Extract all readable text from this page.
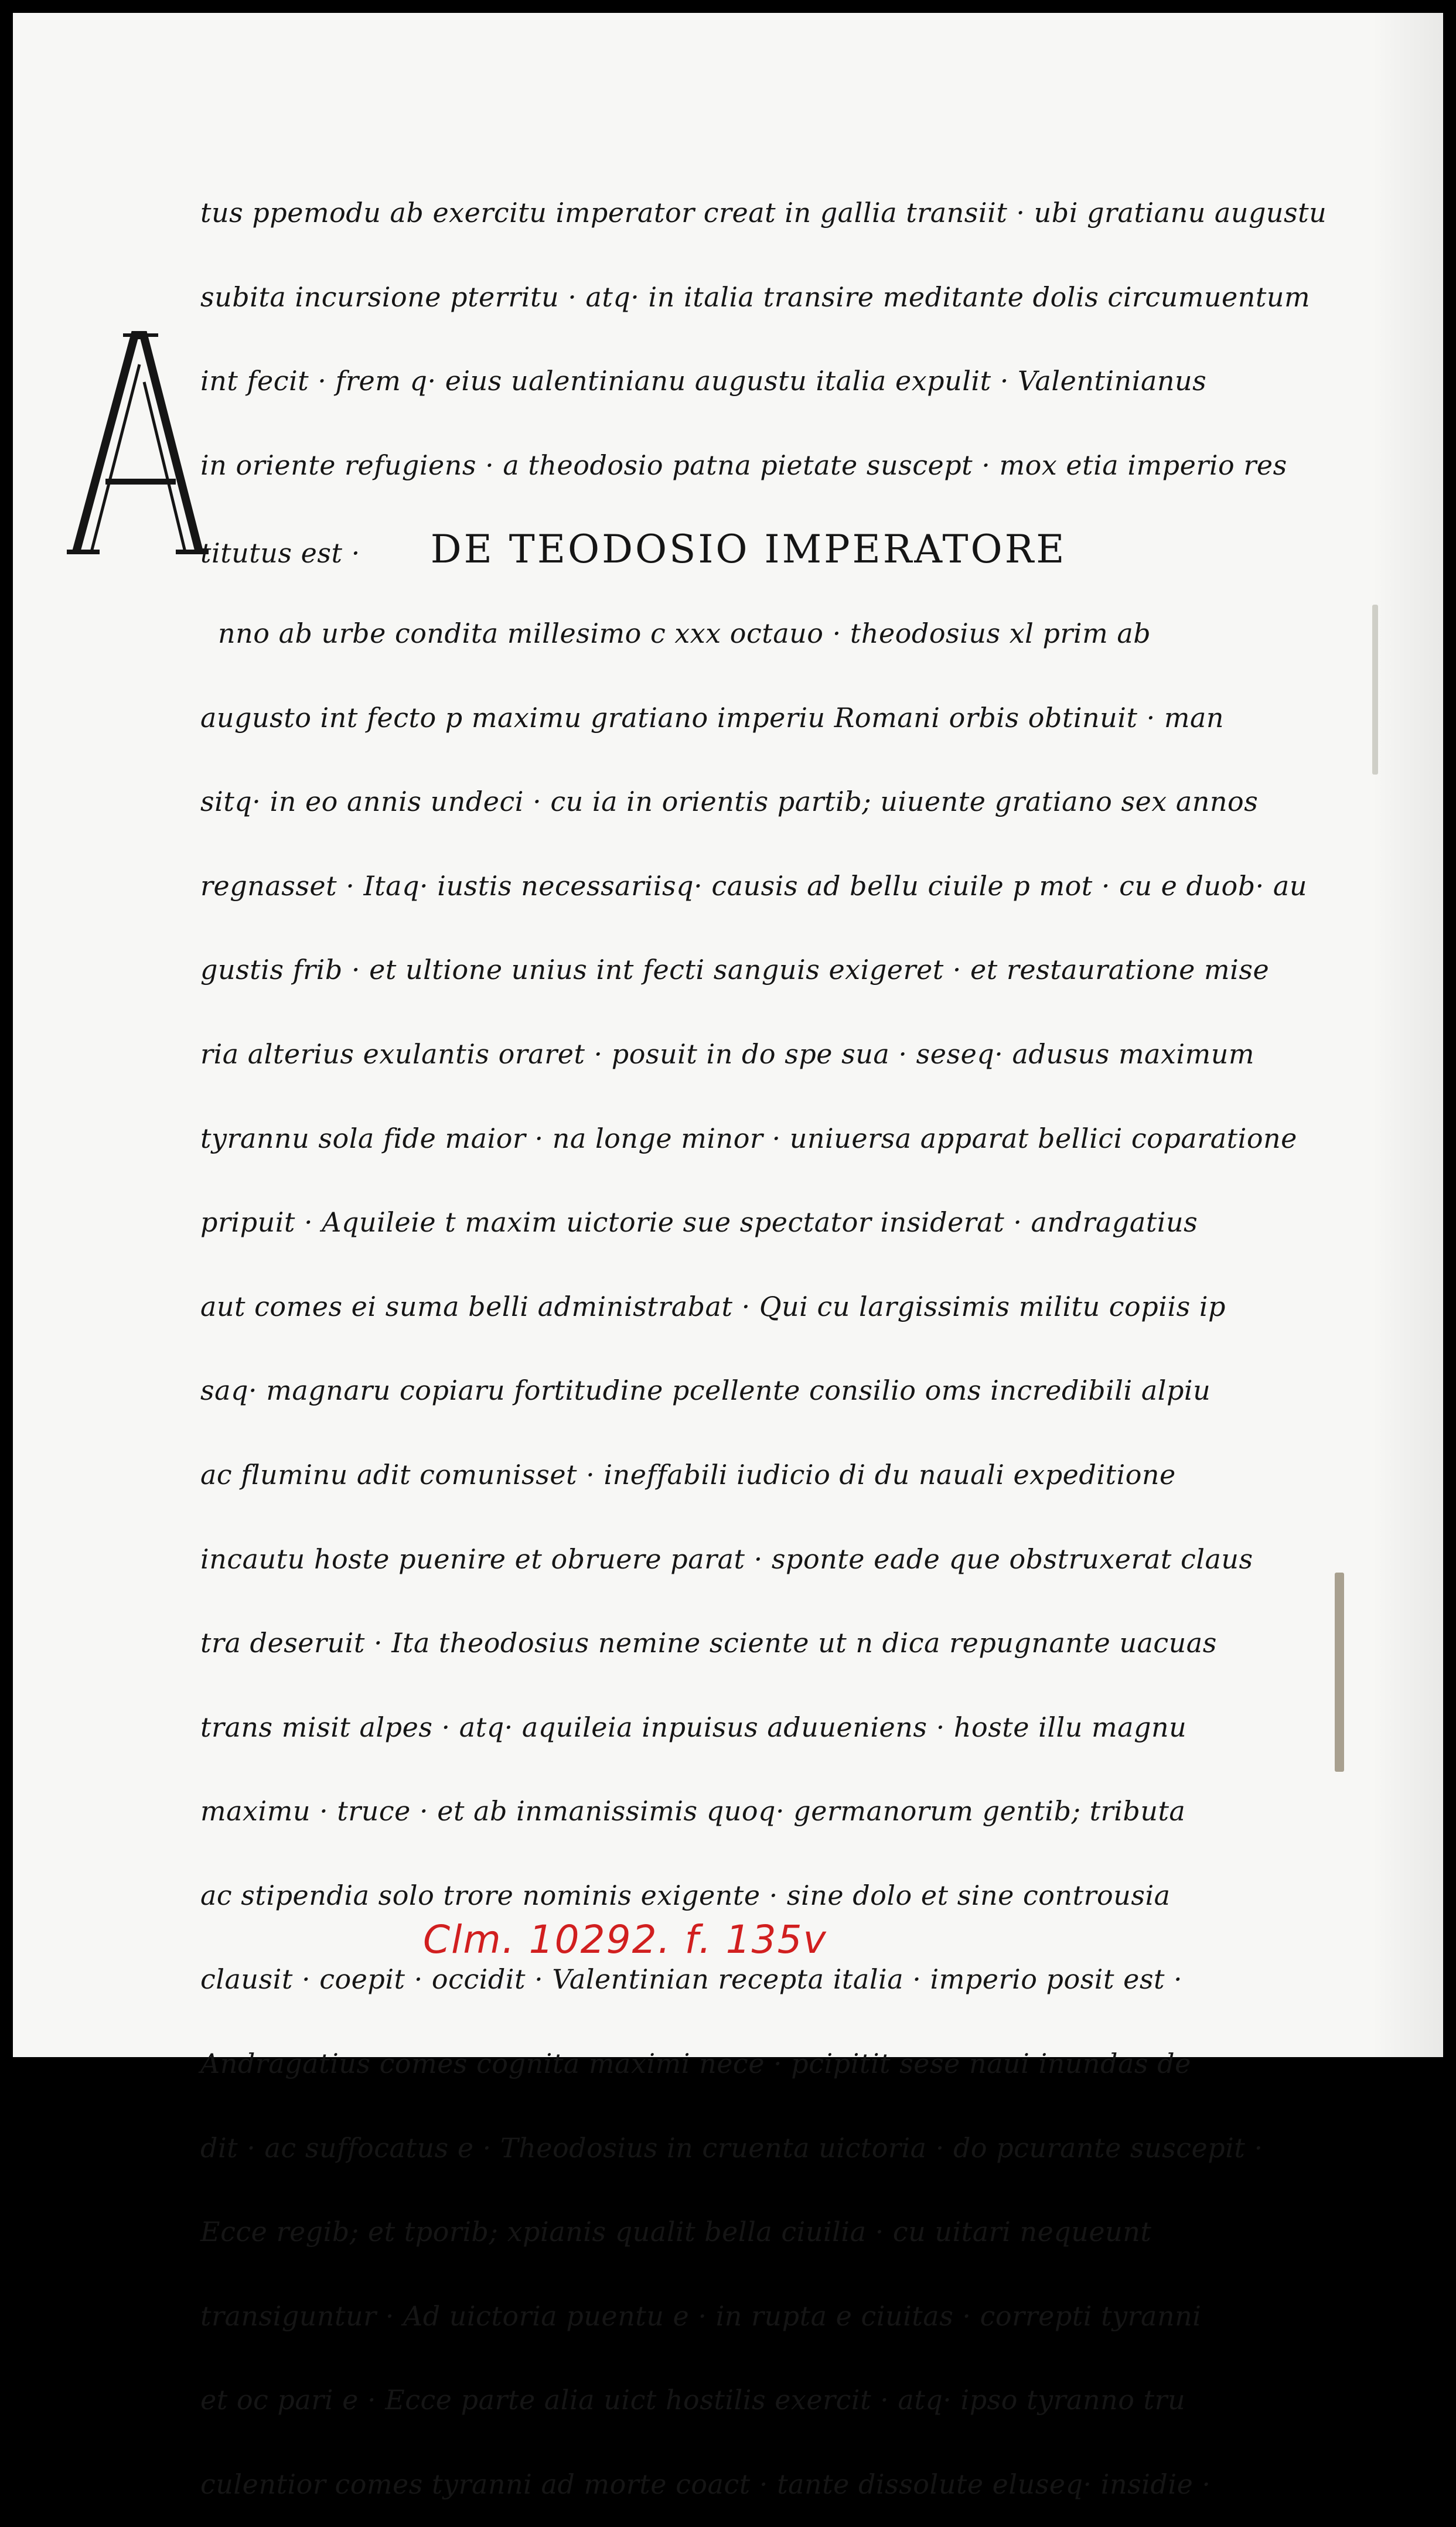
tus ppemodu ab exercitu imperator creat in gallia transiit · ubi gratianu augustu
subita incursione pterritu · atq· in italia transire meditante dolis circumuentum
int fecit · frem q· eius ualentinianu augustu italia expulit · Valentinianus
in oriente refugiens · a theodosio patna pietate suscept · mox etia imperio res
titutus est · DE TEODOSIO IMPERATORE
nno ab urbe condita millesimo c xxx octauo · theodosius xl prim ab
augusto int fecto p maximu gratiano imperiu Romani orbis obtinuit · man
sitq· in eo annis undeci · cu ia in orientis partib; uiuente gratiano sex annos
regnasset · Itaq· iustis necessariisq· causis ad bellu ciuile p mot · cu e duob· au
gustis frib · et ultione unius int fecti sanguis exigeret · et restauratione mise
ria alterius exulantis oraret · posuit in do spe sua · seseq· adusus maximum
tyrannu sola fide maior · na longe minor · uniuersa apparat bellici coparatione
pripuit · Aquileie t maxim uictorie sue spectator insiderat · andragatius
aut comes ei suma belli administrabat · Qui cu largissimis militu copiis ip
saq· magnaru copiaru fortitudine pcellente consilio oms incredibili alpiu
ac fluminu adit comunisset · ineffabili iudicio di du nauali expeditione
incautu hoste puenire et obruere parat · sponte eade que obstruxerat claus
tra deseruit · Ita theodosius nemine sciente ut n dica repugnante uacuas
trans misit alpes · atq· aquileia inpuisus aduueniens · hoste illu magnu
maximu · truce · et ab inmanissimis quoq· germanorum gentib; tributa
ac stipendia solo trore nominis exigente · sine dolo et sine controusia
clausit · coepit · occidit · Valentinian recepta italia · imperio posit est ·
Andragatius comes cognita maximi nece · pcipitit sese naui inundas de
dit · ac suffocatus e · Theodosius in cruenta uictoria · do pcurante suscepit ·
Ecce regib; et tporib; xpianis qualit bella ciuilia · cu uitari nequeunt
transiguntur · Ad uictoria puentu e · in rupta e ciuitas · correpti tyranni
et oc pari e · Ecce parte alia uict hostilis exercit · atq· ipso tyranno tru
culentior comes tyranni ad morte coact · tante dissolute eluseq· insidie ·
Clm. 10292. f. 135v
